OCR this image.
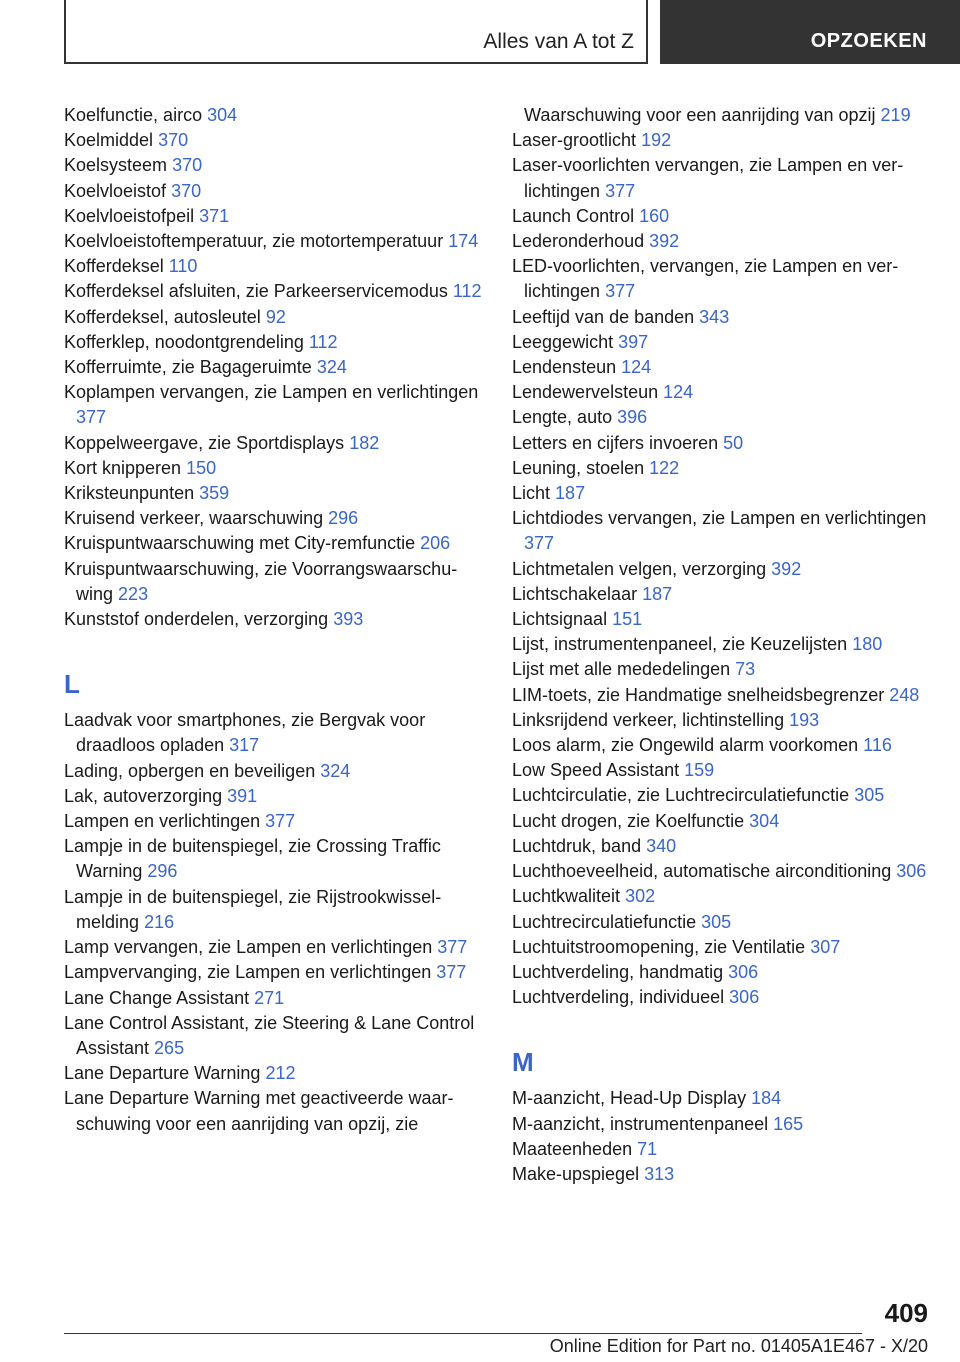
Alles van A tot Z	OPZOEKEN
Koelfunctie, airco 304
Koelmiddel 370
Koelsysteem 370
Koelvloeistof 370
Koelvloeistofpeil 371
Koelvloeistoftemperatuur, zie motortemperatuur 174
Kofferdeksel 110
Kofferdeksel afsluiten, zie Parkeerservicemodus 112
Kofferdeksel, autosleutel 92
Kofferklep, noodontgrendeling 112
Kofferruimte, zie Bagageruimte 324
Koplampen vervangen, zie Lampen en verlichtingen 377
Koppelweergave, zie Sportdisplays 182
Kort knipperen 150
Kriksteunpunten 359
Kruisend verkeer, waarschuwing 296
Kruispuntwaarschuwing met City-remfunctie 206
Kruispuntwaarschuwing, zie Voorrangswaarschuwing 223
Kunststof onderdelen, verzorging 393
L
Laadvak voor smartphones, zie Bergvak voor draadloos opladen 317
Lading, opbergen en beveiligen 324
Lak, autoverzorging 391
Lampen en verlichtingen 377
Lampje in de buitenspiegel, zie Crossing Traffic Warning 296
Lampje in de buitenspiegel, zie Rijstrookwisselmelding 216
Lamp vervangen, zie Lampen en verlichtingen 377
Lampvervanging, zie Lampen en verlichtingen 377
Lane Change Assistant 271
Lane Control Assistant, zie Steering & Lane Control Assistant 265
Lane Departure Warning 212
Lane Departure Warning met geactiveerde waarschuwing voor een aanrijding van opzij, zie
Waarschuwing voor een aanrijding van opzij 219
Laser-grootlicht 192
Laser-voorlichten vervangen, zie Lampen en verlichtingen 377
Launch Control 160
Lederonderhoud 392
LED-voorlichten, vervangen, zie Lampen en verlichtingen 377
Leeftijd van de banden 343
Leeggewicht 397
Lendensteun 124
Lendewervelsteun 124
Lengte, auto 396
Letters en cijfers invoeren 50
Leuning, stoelen 122
Licht 187
Lichtdiodes vervangen, zie Lampen en verlichtingen 377
Lichtmetalen velgen, verzorging 392
Lichtschakelaar 187
Lichtsignaal 151
Lijst, instrumentenpaneel, zie Keuzelijsten 180
Lijst met alle mededelingen 73
LIM-toets, zie Handmatige snelheidsbegrenzer 248
Linksrijdend verkeer, lichtinstelling 193
Loos alarm, zie Ongewild alarm voorkomen 116
Low Speed Assistant 159
Luchtcirculatie, zie Luchtrecirculatiefunctie 305
Lucht drogen, zie Koelfunctie 304
Luchtdruk, band 340
Luchthoeveelheid, automatische airconditioning 306
Luchtkwaliteit 302
Luchtrecirculatiefunctie 305
Luchtuitstroomopening, zie Ventilatie 307
Luchtverdeling, handmatig 306
Luchtverdeling, individueel 306
M
M-aanzicht, Head-Up Display 184
M-aanzicht, instrumentenpaneel 165
Maateenheden 71
Make-upspiegel 313
409
Online Edition for Part no. 01405A1E467 - X/20
